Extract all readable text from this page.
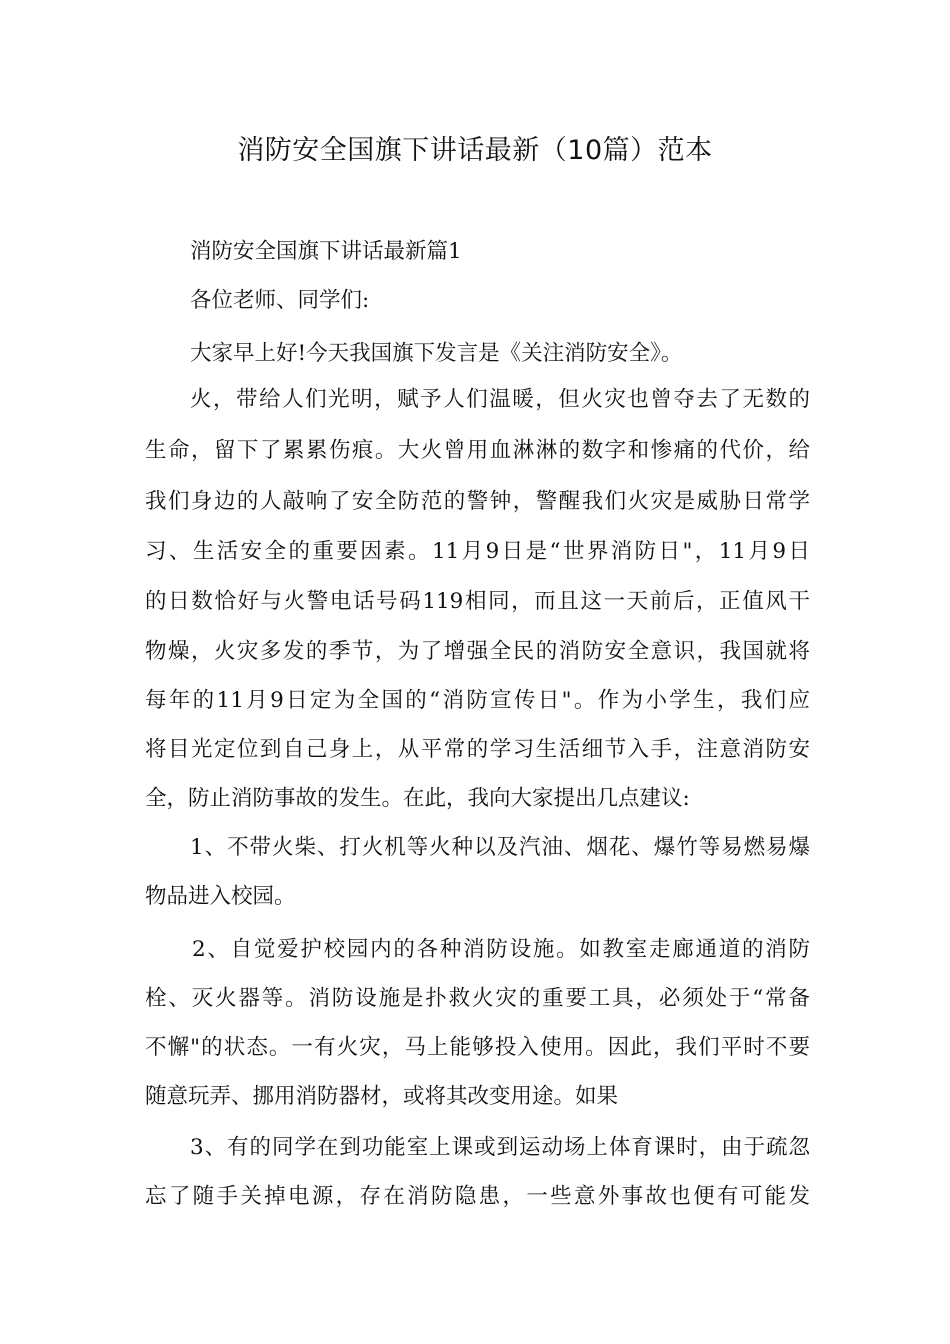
消防安全国旗下讲话最新（10篇）范本
消防安全国旗下讲话最新篇1
各位老师、同学们:
大家早上好!今天我国旗下发言是《关注消防安全》。
火，带给人们光明，赋予人们温暖，但火灾也曾夺去了无数的
生命，留下了累累伤痕。大火曾用血淋淋的数字和惨痛的代价，给
我们身边的人敲响了安全防范的警钟，警醒我们火灾是威胁日常学
习、生活安全的重要因素。11月9日是“世界消防日"，11月9日
的日数恰好与火警电话号码119相同，而且这一天前后，正值风干
物燥，火灾多发的季节，为了增强全民的消防安全意识，我国就将
每年的11月9日定为全国的“消防宣传日"。作为小学生，我们应
将目光定位到自己身上，从平常的学习生活细节入手，注意消防安
全，防止消防事故的发生。在此，我向大家提出几点建议:
1、不带火柴、打火机等火种以及汽油、烟花、爆竹等易燃易爆
物品进入校园。
2、自觉爱护校园内的各种消防设施。如教室走廊通道的消防
栓、灭火器等。消防设施是扑救火灾的重要工具，必须处于“常备
不懈"的状态。一有火灾，马上能够投入使用。因此，我们平时不要
随意玩弄、挪用消防器材，或将其改变用途。如果
3、有的同学在到功能室上课或到运动场上体育课时，由于疏忽
忘了随手关掉电源，存在消防隐患，一些意外事故也便有可能发
